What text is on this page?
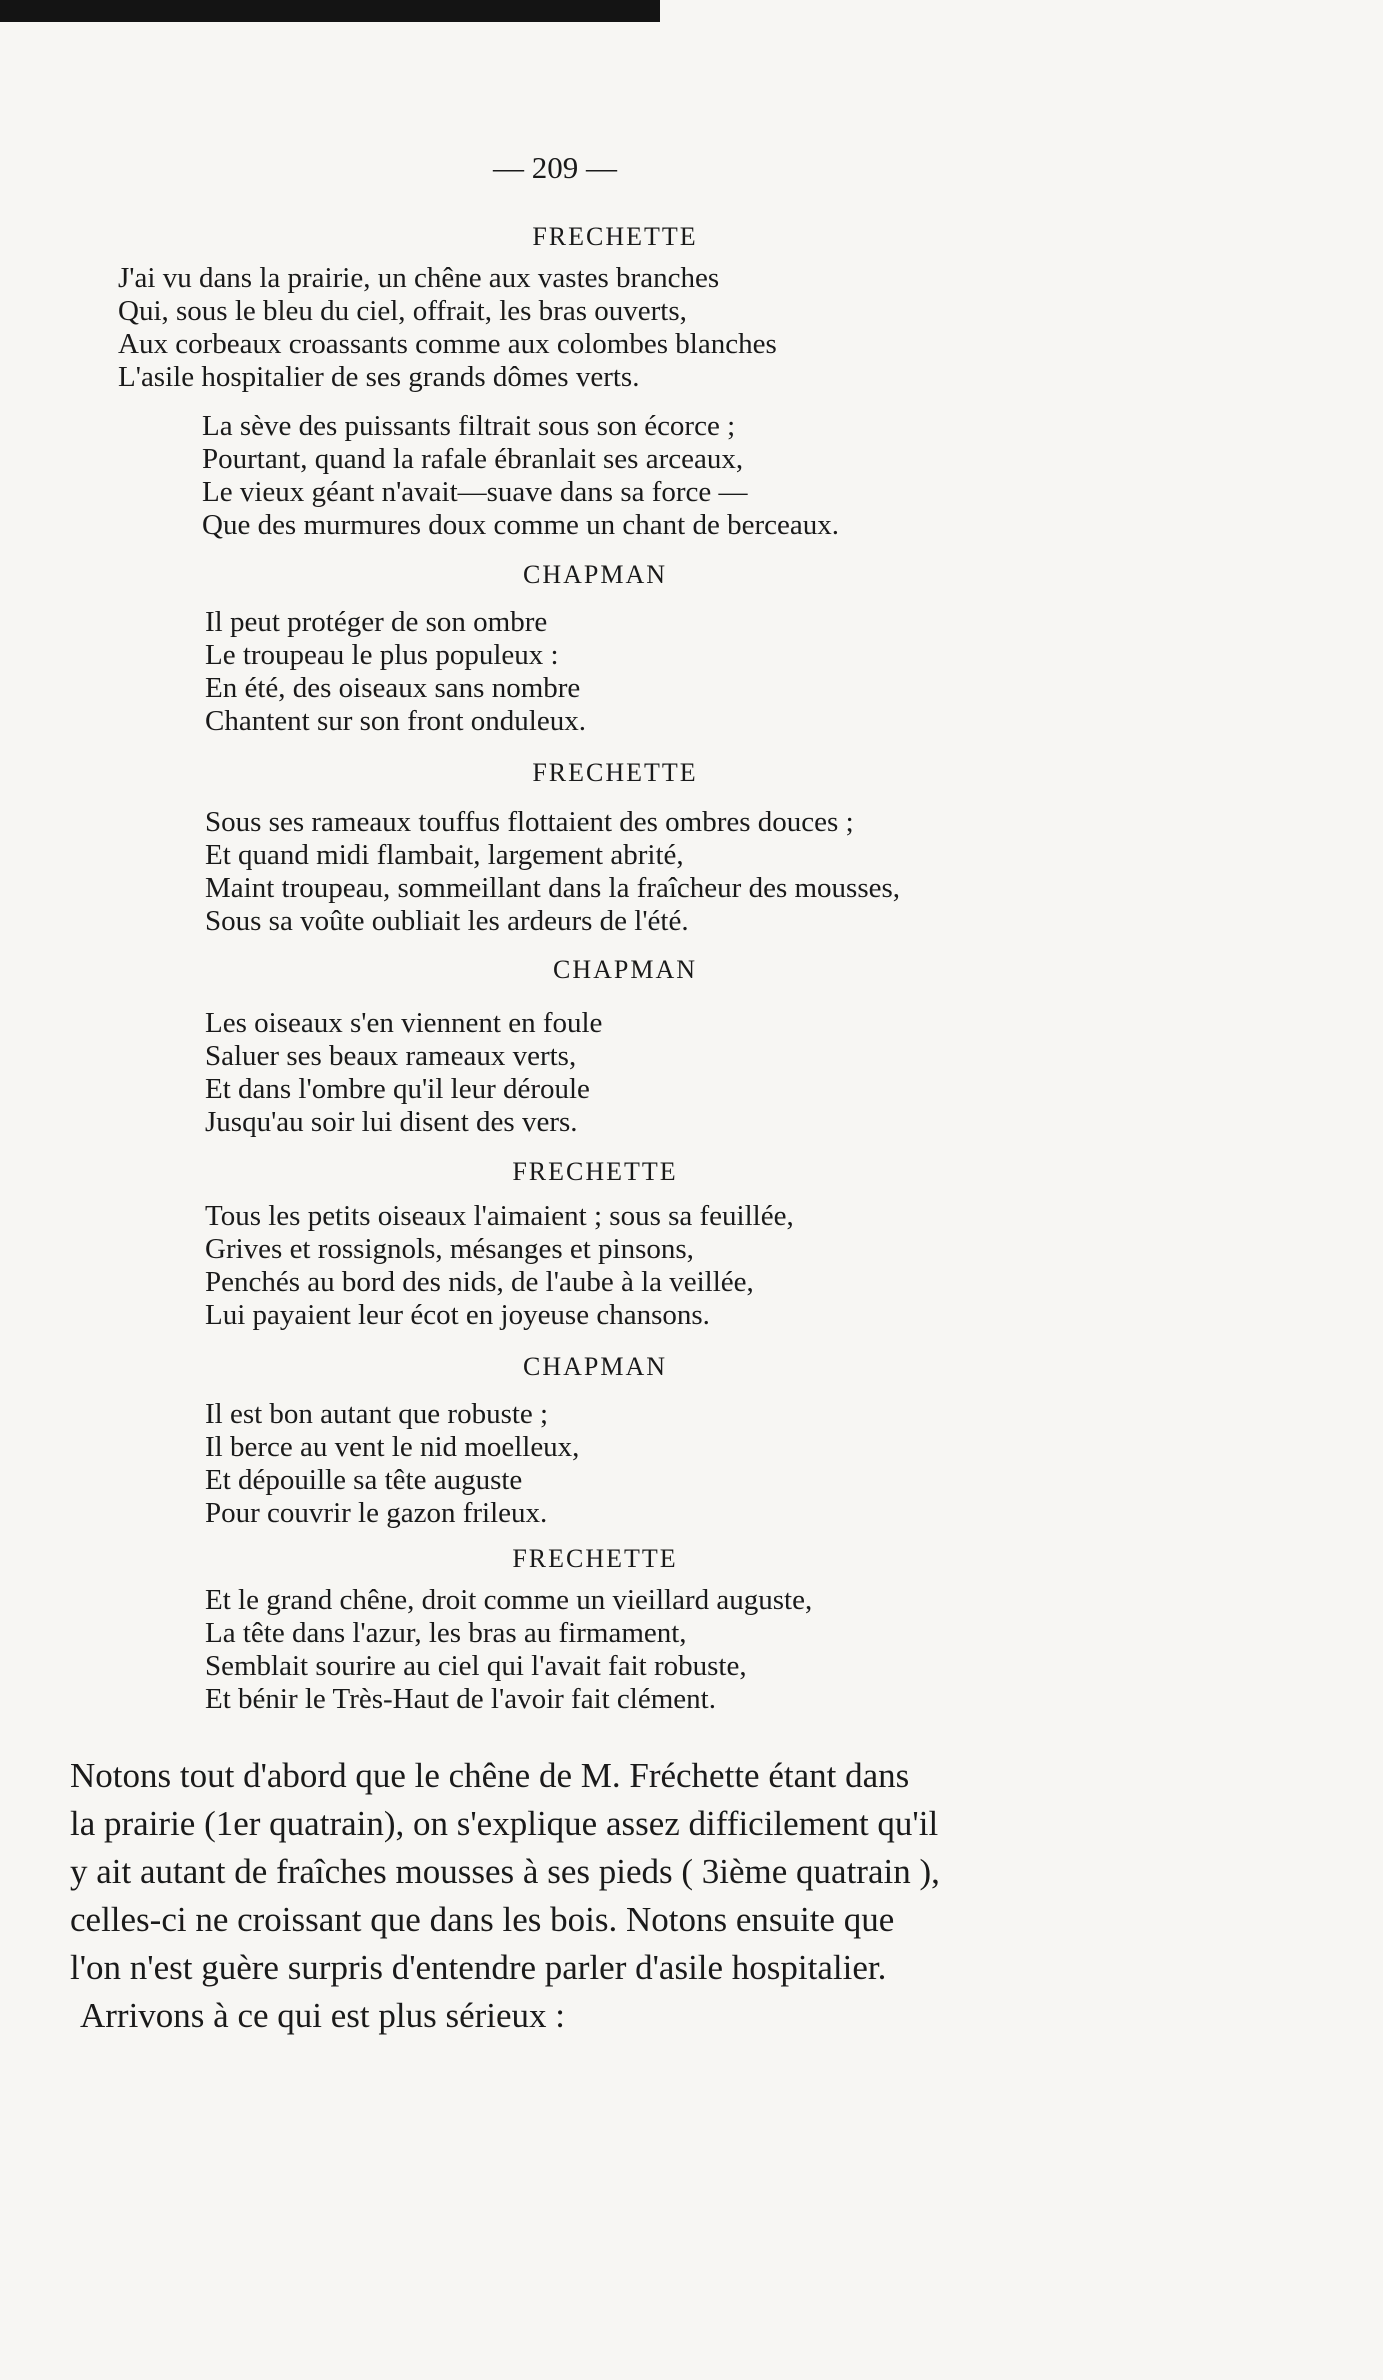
— 209 —
FRECHETTE
J'ai vu dans la prairie, un chêne aux vastes branches
Qui, sous le bleu du ciel, offrait, les bras ouverts,
Aux corbeaux croassants comme aux colombes blanches
L'asile hospitalier de ses grands dômes verts.
La sève des puissants filtrait sous son écorce ;
Pourtant, quand la rafale ébranlait ses arceaux,
Le vieux géant n'avait—suave dans sa force —
Que des murmures doux comme un chant de berceaux.
CHAPMAN
Il peut protéger de son ombre
Le troupeau le plus populeux :
En été, des oiseaux sans nombre
Chantent sur son front onduleux.
FRECHETTE
Sous ses rameaux touffus flottaient des ombres douces ;
Et quand midi flambait, largement abrité,
Maint troupeau, sommeillant dans la fraîcheur des mousses,
Sous sa voûte oubliait les ardeurs de l'été.
CHAPMAN
Les oiseaux s'en viennent en foule
Saluer ses beaux rameaux verts,
Et dans l'ombre qu'il leur déroule
Jusqu'au soir lui disent des vers.
FRECHETTE
Tous les petits oiseaux l'aimaient ; sous sa feuillée,
Grives et rossignols, mésanges et pinsons,
Penchés au bord des nids, de l'aube à la veillée,
Lui payaient leur écot en joyeuse chansons.
CHAPMAN
Il est bon autant que robuste ;
Il berce au vent le nid moelleux,
Et dépouille sa tête auguste
Pour couvrir le gazon frileux.
FRECHETTE
Et le grand chêne, droit comme un vieillard auguste,
La tête dans l'azur, les bras au firmament,
Semblait sourire au ciel qui l'avait fait robuste,
Et bénir le Très-Haut de l'avoir fait clément.

Notons tout d'abord que le chêne de M. Fréchette étant dans
la prairie (1er quatrain), on s'explique assez difficilement qu'il
y ait autant de fraîches mousses à ses pieds ( 3ième quatrain ),
celles-ci ne croissant que dans les bois. Notons ensuite que
l'on n'est guère surpris d'entendre parler d'asile hospitalier.

Arrivons à ce qui est plus sérieux :
